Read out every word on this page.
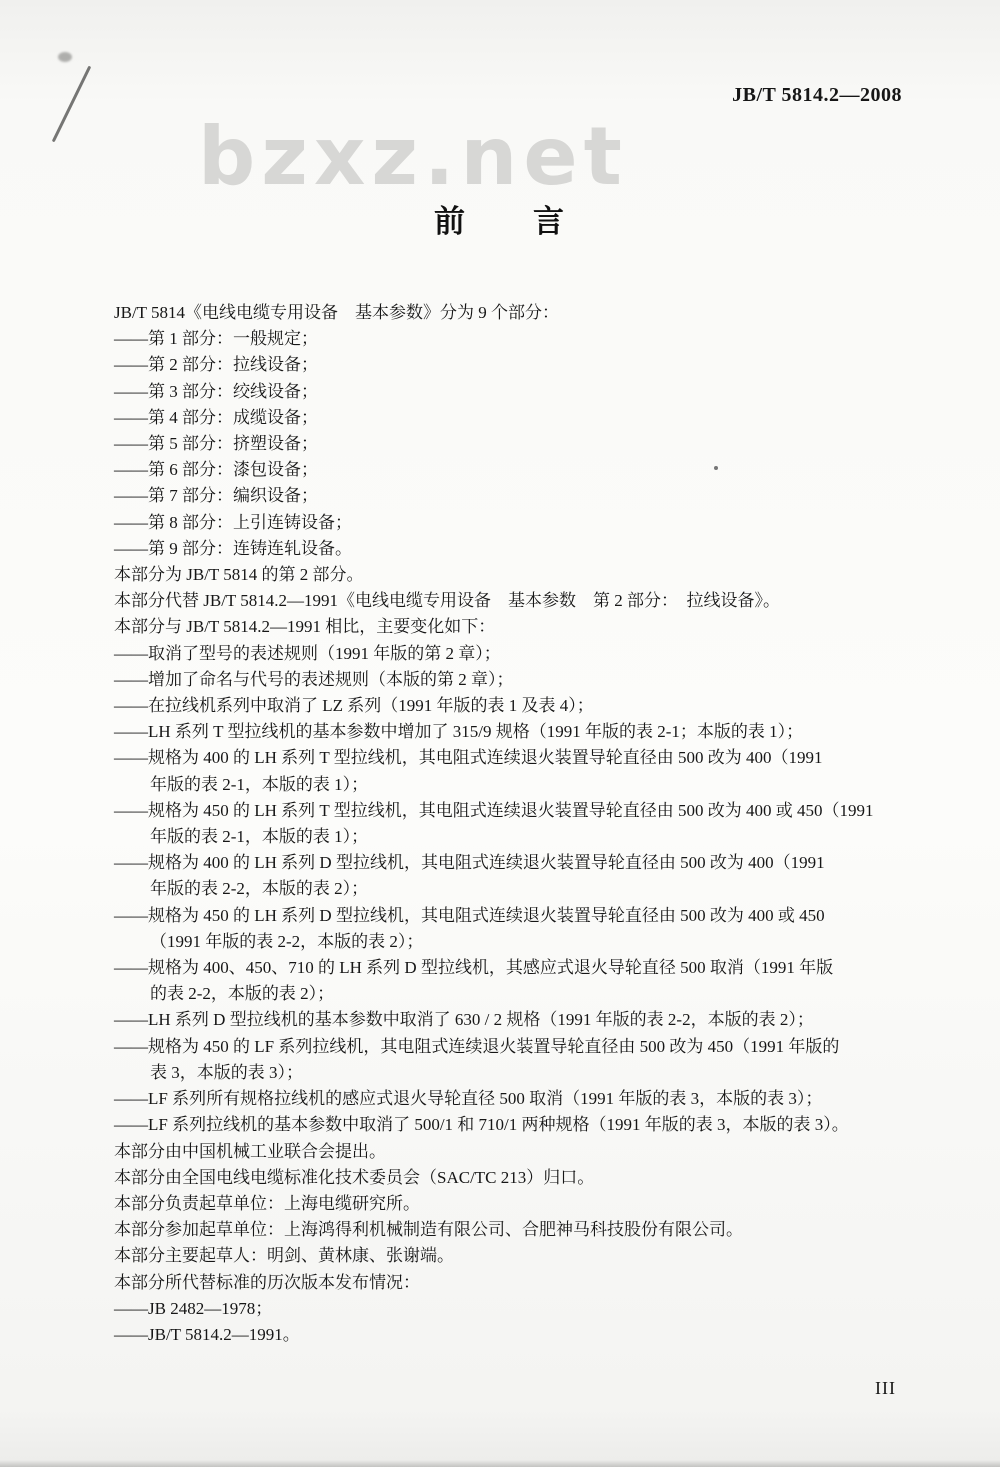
bzxz.net
JB/T 5814.2—2008
前　　言
JB/T 5814《电线电缆专用设备　基本参数》分为 9 个部分：
——第 1 部分：一般规定；
——第 2 部分：拉线设备；
——第 3 部分：绞线设备；
——第 4 部分：成缆设备；
——第 5 部分：挤塑设备；
——第 6 部分：漆包设备；
——第 7 部分：编织设备；
——第 8 部分：上引连铸设备；
——第 9 部分：连铸连轧设备。
本部分为 JB/T 5814 的第 2 部分。
本部分代替 JB/T 5814.2—1991《电线电缆专用设备　基本参数　第 2 部分：　拉线设备》。
本部分与 JB/T 5814.2—1991 相比，主要变化如下：
——取消了型号的表述规则（1991 年版的第 2 章）；
——增加了命名与代号的表述规则（本版的第 2 章）；
——在拉线机系列中取消了 LZ 系列（1991 年版的表 1 及表 4）；
——LH 系列 T 型拉线机的基本参数中增加了 315/9 规格（1991 年版的表 2-1；本版的表 1）；
——规格为 400 的 LH 系列 T 型拉线机，其电阻式连续退火装置导轮直径由 500 改为 400（1991
年版的表 2-1，本版的表 1）；
——规格为 450 的 LH 系列 T 型拉线机，其电阻式连续退火装置导轮直径由 500 改为 400 或 450（1991
年版的表 2-1，本版的表 1）；
——规格为 400 的 LH 系列 D 型拉线机，其电阻式连续退火装置导轮直径由 500 改为 400（1991
年版的表 2-2，本版的表 2）；
——规格为 450 的 LH 系列 D 型拉线机，其电阻式连续退火装置导轮直径由 500 改为 400 或 450
（1991 年版的表 2-2，本版的表 2）；
——规格为 400、450、710 的 LH 系列 D 型拉线机，其感应式退火导轮直径 500 取消（1991 年版
的表 2-2，本版的表 2）；
——LH 系列 D 型拉线机的基本参数中取消了 630 / 2 规格（1991 年版的表 2-2，本版的表 2）；
——规格为 450 的 LF 系列拉线机，其电阻式连续退火装置导轮直径由 500 改为 450（1991 年版的
表 3，本版的表 3）；
——LF 系列所有规格拉线机的感应式退火导轮直径 500 取消（1991 年版的表 3，本版的表 3）；
——LF 系列拉线机的基本参数中取消了 500/1 和 710/1 两种规格（1991 年版的表 3，本版的表 3）。
本部分由中国机械工业联合会提出。
本部分由全国电线电缆标准化技术委员会（SAC/TC 213）归口。
本部分负责起草单位：上海电缆研究所。
本部分参加起草单位：上海鸿得利机械制造有限公司、合肥神马科技股份有限公司。
本部分主要起草人：明剑、黄林康、张谢端。
本部分所代替标准的历次版本发布情况：
——JB 2482—1978；
——JB/T 5814.2—1991。
III
